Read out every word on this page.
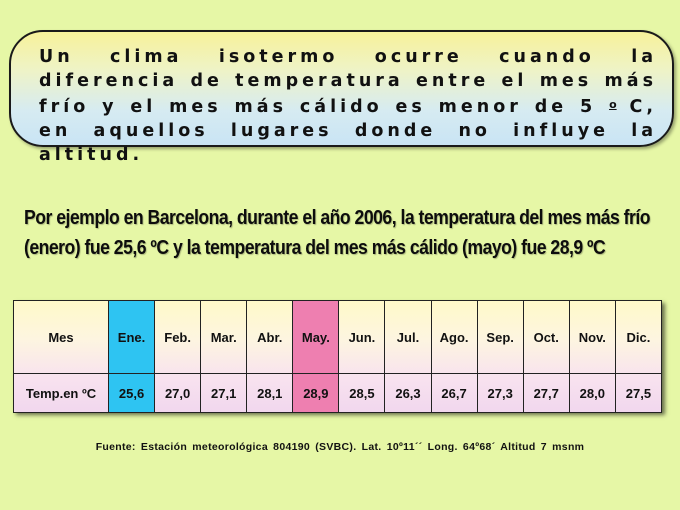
Un clima isotermo ocurre cuando la diferencia de temperatura entre el mes más frío y el mes más cálido es menor de 5 $^o$ C, en aquellos lugares donde no influye la altitud.
Por ejemplo en Barcelona, durante el año 2006, la temperatura del mes más frío (enero) fue 25,6 ºC y la temperatura del mes más cálido (mayo) fue 28,9 ºC
Mes	Ene.	Feb.	Mar.	Abr.	May.	Jun.	Jul.	Ago.	Sep.	Oct.	Nov.	Dic.
Temp.en ºC	25,6	27,0	27,1	28,1	28,9	28,5	26,3	26,7	27,3	27,7	28,0	27,5
Fuente: Estación meteorológica 804190 (SVBC). Lat. 10º11´´ Long. 64º68´ Altitud 7 msnm
